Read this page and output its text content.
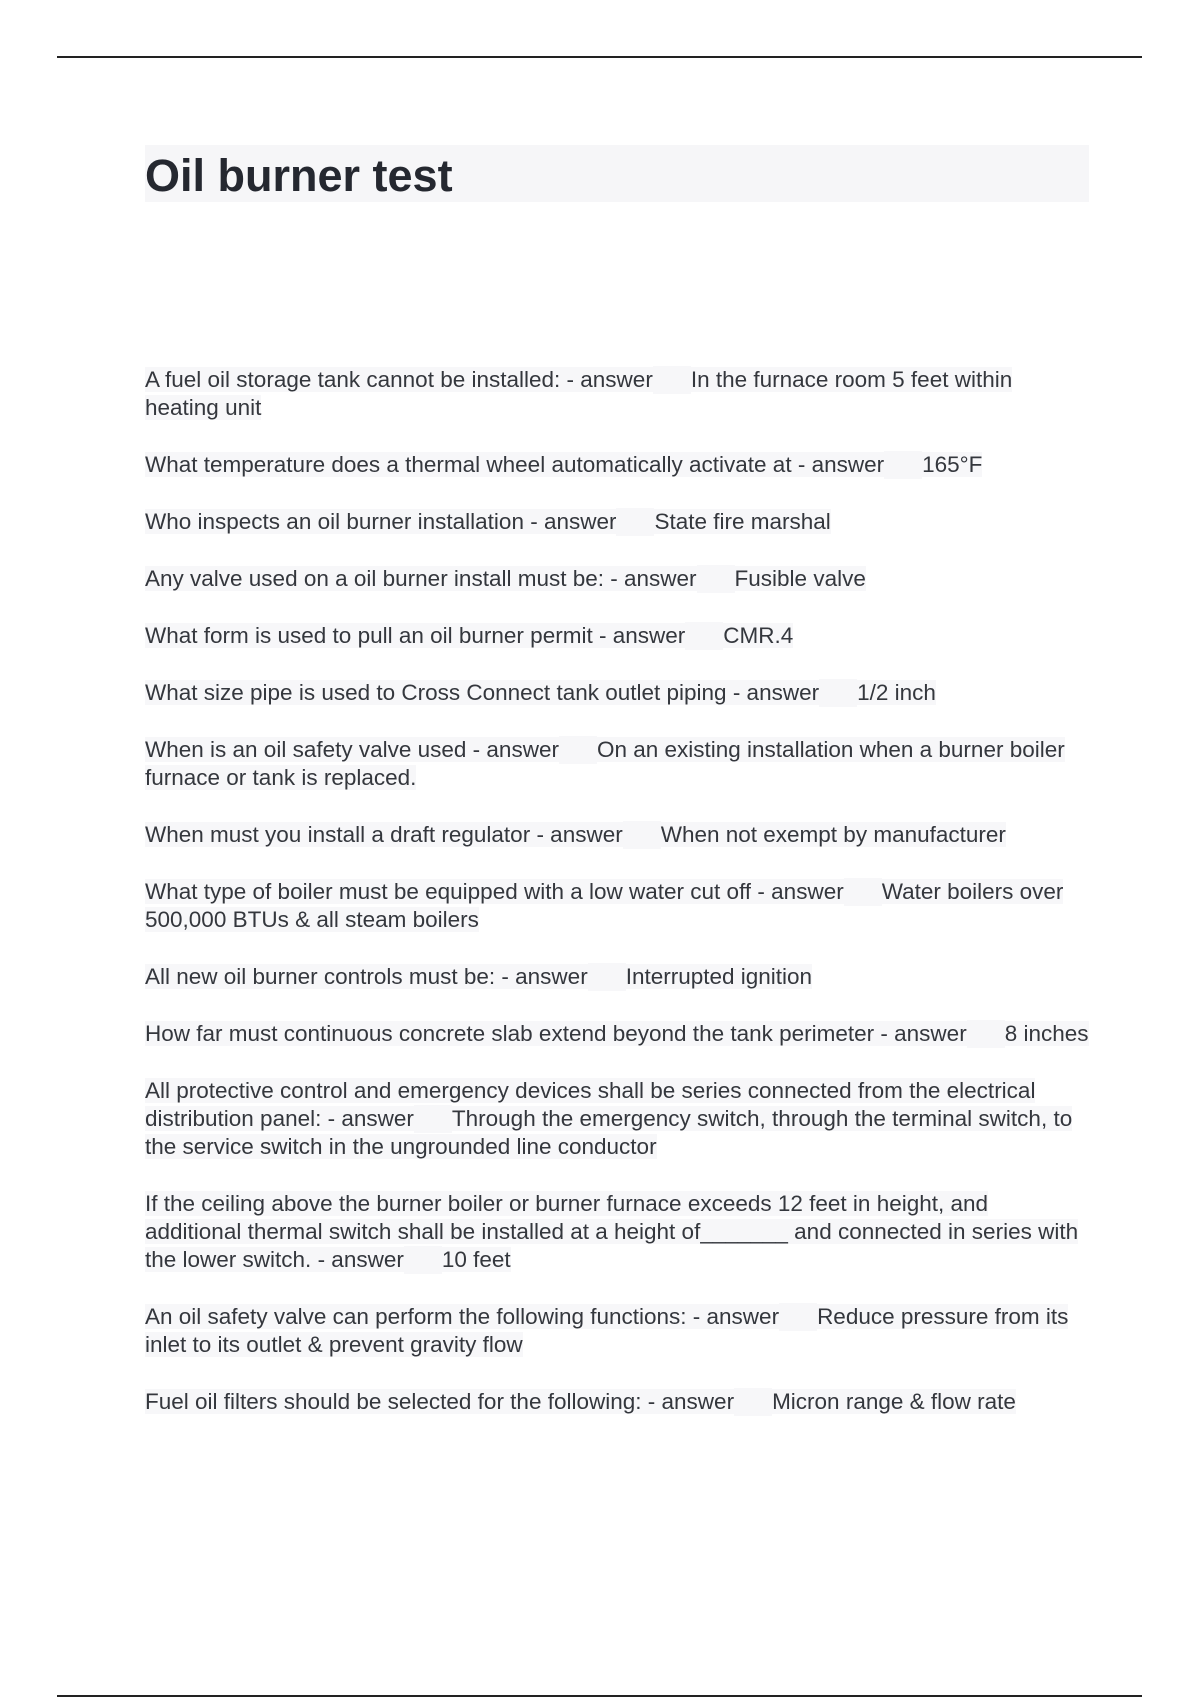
Oil burner test
A fuel oil storage tank cannot be installed: - answer In the furnace room 5 feet within heating unit
What temperature does a thermal wheel automatically activate at - answer 165°F
Who inspects an oil burner installation - answer State fire marshal
Any valve used on a oil burner install must be: - answer Fusible valve
What form is used to pull an oil burner permit - answer CMR.4
What size pipe is used to Cross Connect tank outlet piping - answer 1/2 inch
When is an oil safety valve used - answer On an existing installation when a burner boiler furnace or tank is replaced.
When must you install a draft regulator - answer When not exempt by manufacturer
What type of boiler must be equipped with a low water cut off - answer Water boilers over 500,000 BTUs & all steam boilers
All new oil burner controls must be: - answer Interrupted ignition
How far must continuous concrete slab extend beyond the tank perimeter - answer 8 inches
All protective control and emergency devices shall be series connected from the electrical distribution panel: - answer Through the emergency switch, through the terminal switch, to the service switch in the ungrounded line conductor
If the ceiling above the burner boiler or burner furnace exceeds 12 feet in height, and additional thermal switch shall be installed at a height of_______ and connected in series with the lower switch. - answer 10 feet
An oil safety valve can perform the following functions: - answer Reduce pressure from its inlet to its outlet & prevent gravity flow
Fuel oil filters should be selected for the following: - answer Micron range & flow rate
